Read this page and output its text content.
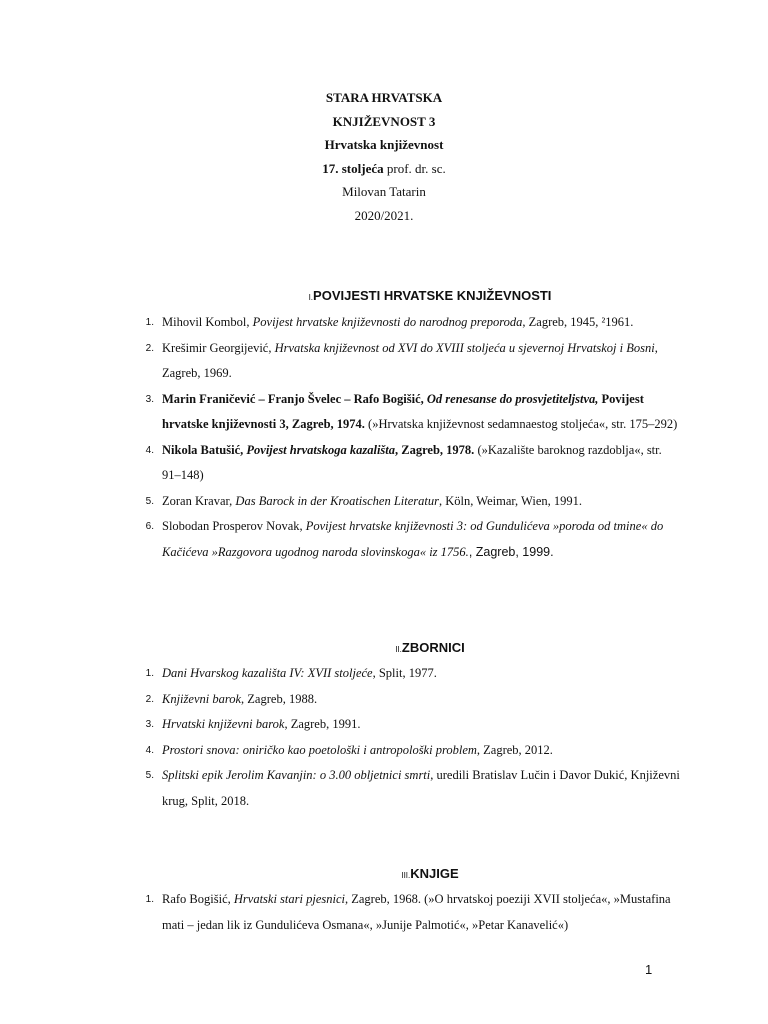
STARA HRVATSKA
KNJIŽEVNOST 3
Hrvatska književnost
17. stoljeća prof. dr. sc.
Milovan Tatarin
2020/2021.
I.POVIJESTI HRVATSKE KNJIŽEVNOSTI
1. Mihovil Kombol, Povijest hrvatske književnosti do narodnog preporoda, Zagreb, 1945, ²1961.
2. Krešimir Georgijević, Hrvatska književnost od XVI do XVIII stoljeća u sjevernoj Hrvatskoj i Bosni, Zagreb, 1969.
3. Marin Franičević – Franjo Švelec – Rafo Bogišić, Od renesanse do prosvjetiteljstva, Povijest hrvatske književnosti 3, Zagreb, 1974. (»Hrvatska književnost sedamnaestog stoljeća«, str. 175–292)
4. Nikola Batušić, Povijest hrvatskoga kazališta, Zagreb, 1978. (»Kazalište baroknog razdoblja«, str. 91–148)
5. Zoran Kravar, Das Barock in der Kroatischen Literatur, Köln, Weimar, Wien, 1991.
6. Slobodan Prosperov Novak, Povijest hrvatske književnosti 3: od Gundulićeva »poroda od tmine« do Kačićeva »Razgovora ugodnog naroda slovinskoga« iz 1756., Zagreb, 1999.
II.ZBORNICI
1. Dani Hvarskog kazališta IV: XVII stoljeće, Split, 1977.
2. Književni barok, Zagreb, 1988.
3. Hrvatski književni barok, Zagreb, 1991.
4. Prostori snova: oniričko kao poetološki i antropološki problem, Zagreb, 2012.
5. Splitski epik Jerolim Kavanjin: o 3.00 obljetnici smrti, uredili Bratislav Lučin i Davor Dukić, Književni krug, Split, 2018.
III.KNJIGE
1. Rafo Bogišić, Hrvatski stari pjesnici, Zagreb, 1968. (»O hrvatskoj poeziji XVII stoljeća«, »Mustafina mati – jedan lik iz Gundulićeva Osmana«, »Junije Palmotić«, »Petar Kanavelić«)
1
